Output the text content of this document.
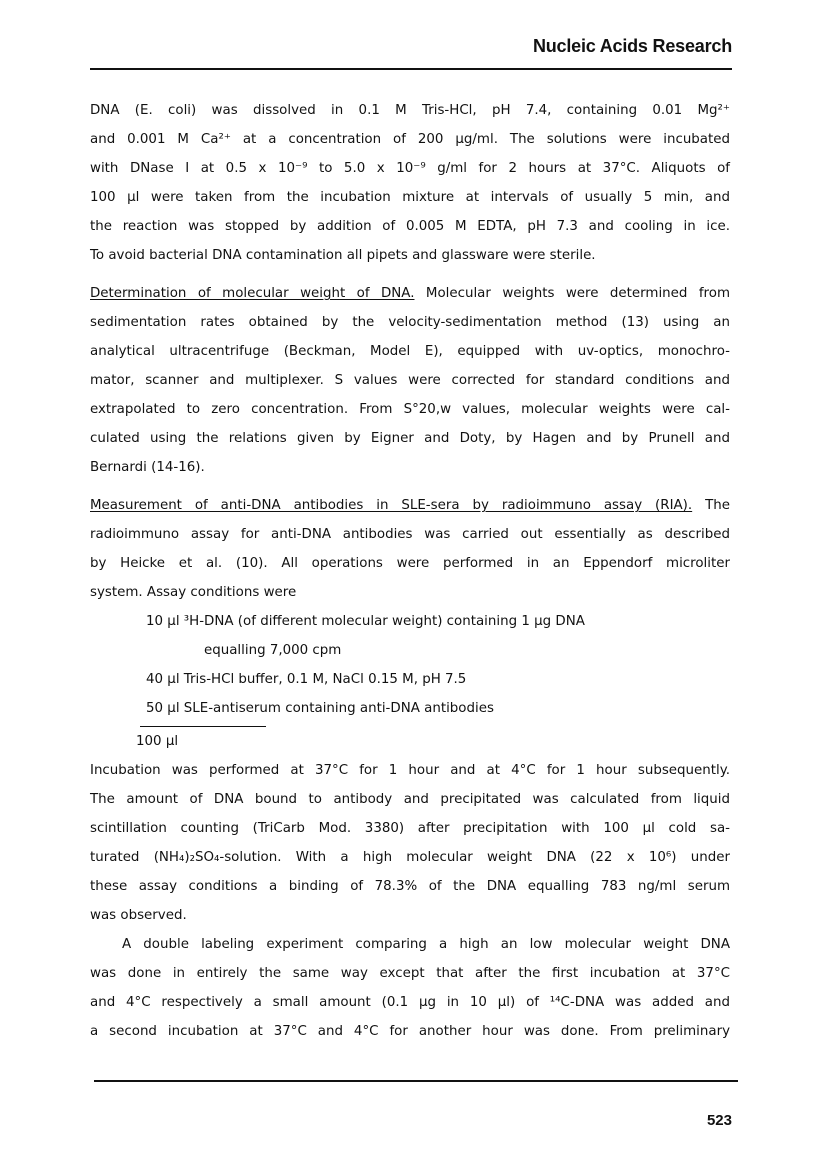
Nucleic Acids Research
DNA (E. coli) was dissolved in 0.1 M Tris-HCl, pH 7.4, containing 0.01 Mg²⁺
and 0.001 M Ca²⁺ at a concentration of 200 µg/ml. The solutions were incubated
with DNase I at 0.5 x 10⁻⁹ to 5.0 x 10⁻⁹ g/ml for 2 hours at 37°C. Aliquots of
100 µl were taken from the incubation mixture at intervals of usually 5 min, and
the reaction was stopped by addition of 0.005 M EDTA, pH 7.3 and cooling in ice.
To avoid bacterial DNA contamination all pipets and glassware were sterile.
Determination of molecular weight of DNA. Molecular weights were determined from
sedimentation rates obtained by the velocity-sedimentation method (13) using an
analytical ultracentrifuge (Beckman, Model E), equipped with uv-optics, monochro-
mator, scanner and multiplexer. S values were corrected for standard conditions and
extrapolated to zero concentration. From S°20,w values, molecular weights were cal-
culated using the relations given by Eigner and Doty, by Hagen and by Prunell and
Bernardi (14-16).
Measurement of anti-DNA antibodies in SLE-sera by radioimmuno assay (RIA). The
radioimmuno assay for anti-DNA antibodies was carried out essentially as described
by Heicke et al. (10). All operations were performed in an Eppendorf microliter
system. Assay conditions were
10 µl ³H-DNA (of different molecular weight) containing 1 µg DNA
equalling 7,000 cpm
40 µl Tris-HCl buffer, 0.1 M, NaCl 0.15 M, pH 7.5
50 µl SLE-antiserum containing anti-DNA antibodies
100 µl
Incubation was performed at 37°C for 1 hour and at 4°C for 1 hour subsequently.
The amount of DNA bound to antibody and precipitated was calculated from liquid
scintillation counting (TriCarb Mod. 3380) after precipitation with 100 µl cold sa-
turated (NH₄)₂SO₄-solution. With a high molecular weight DNA (22 x 10⁶) under
these assay conditions a binding of 78.3% of the DNA equalling 783 ng/ml serum
was observed.
A double labeling experiment comparing a high an low molecular weight DNA
was done in entirely the same way except that after the first incubation at 37°C
and 4°C respectively a small amount (0.1 µg in 10 µl) of ¹⁴C-DNA was added and
a second incubation at 37°C and 4°C for another hour was done. From preliminary
523
